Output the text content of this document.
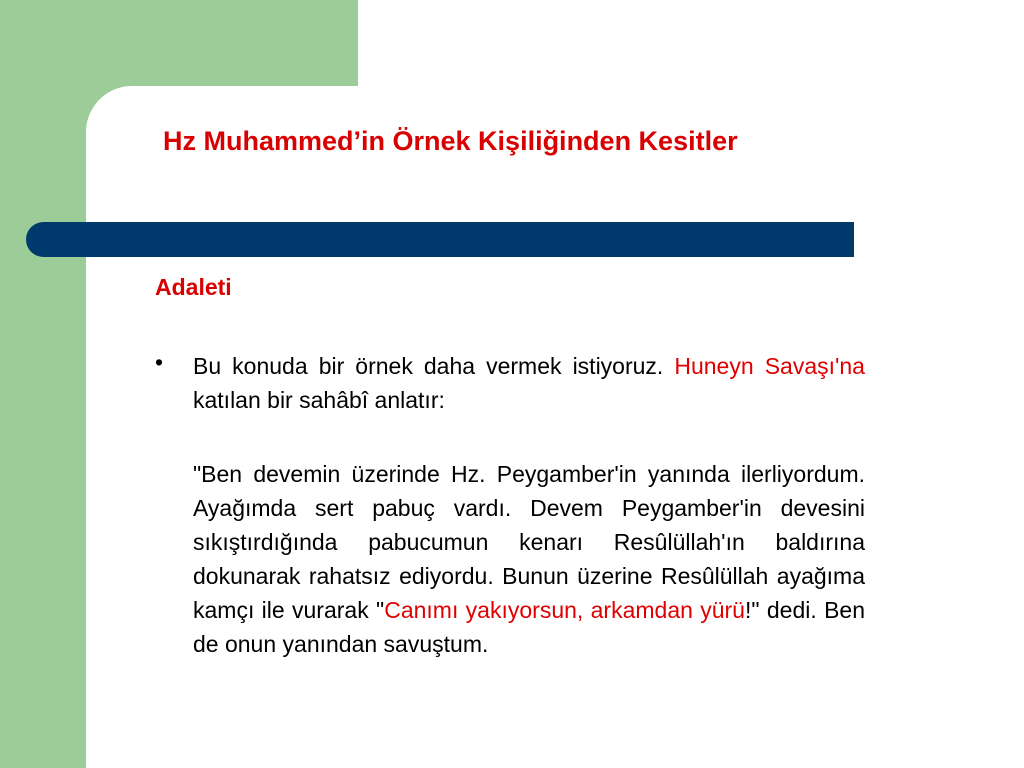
Hz Muhammed’in Örnek Kişiliğinden Kesitler
Adaleti
• Bu konuda bir örnek daha vermek istiyoruz. Huneyn Savaşı'na katılan bir sahâbî anlatır:
"Ben devemin üzerinde Hz. Peygamber'in yanında ilerliyordum. Ayağımda sert pabuç vardı. Devem Peygamber'in devesini sıkıştırdığında pabucumun kenarı Resûlüllah'ın baldırına dokunarak rahatsız ediyordu. Bunun üzerine Resûlüllah ayağıma kamçı ile vurarak "Canımı yakıyorsun, arkamdan yürü!" dedi. Ben de onun yanından savuştum.
